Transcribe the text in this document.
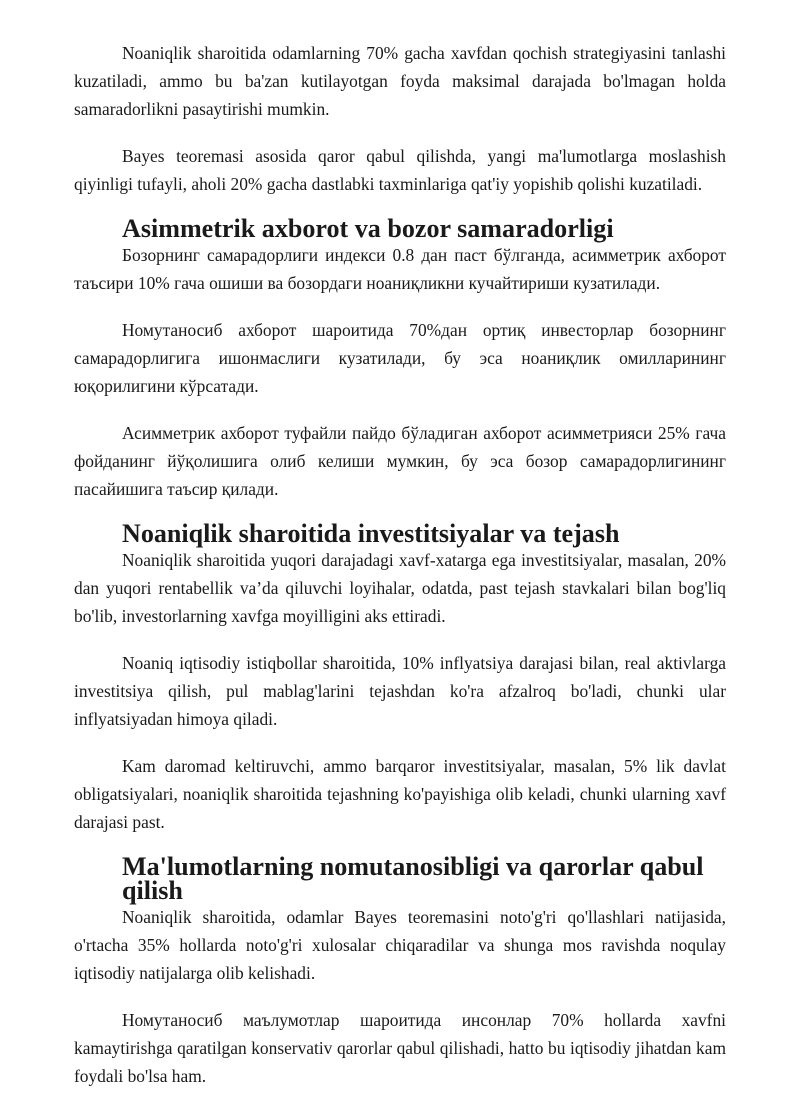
Noaniqlik sharoitida odamlarning 70% gacha xavfdan qochish strategiyasini tanlashi kuzatiladi, ammo bu ba'zan kutilayotgan foyda maksimal darajada bo'lmagan holda samaradorlikni pasaytirishi mumkin.

Bayes teoremasi asosida qaror qabul qilishda, yangi ma'lumotlarga moslashish qiyinligi tufayli, aholi 20% gacha dastlabki taxminlariga qat'iy yopishib qolishi kuzatiladi.

Asimmetrik axborot va bozor samaradorligi

Бозорнинг самарадорлиги индекси 0.8 дан паст бўлганда, асимметрик ахборот таъсири 10% гача ошиши ва бозордаги ноаниқликни кучайтириши кузатилади.

Номутаносиб ахборот шароитида 70%дан ортиқ инвесторлар бозорнинг самарадорлигига ишонмаслиги кузатилади, бу эса ноаниқлик омилларининг юқорилигини кўрсатади.

Асимметрик ахборот туфайли пайдо бўладиган ахборот асимметрияси 25% гача фойданинг йўқолишига олиб келиши мумкин, бу эса бозор самарадорлигининг пасайишига таъсир қилади.

Noaniqlik sharoitida investitsiyalar va tejash

Noaniqlik sharoitida yuqori darajadagi xavf-xatarga ega investitsiyalar, masalan, 20% dan yuqori rentabellik va’da qiluvchi loyihalar, odatda, past tejash stavkalari bilan bog'liq bo'lib, investorlarning xavfga moyilligini aks ettiradi.

Noaniq iqtisodiy istiqbollar sharoitida, 10% inflyatsiya darajasi bilan, real aktivlarga investitsiya qilish, pul mablag'larini tejashdan ko'ra afzalroq bo'ladi, chunki ular inflyatsiyadan himoya qiladi.

Kam daromad keltiruvchi, ammo barqaror investitsiyalar, masalan, 5% lik davlat obligatsiyalari, noaniqlik sharoitida tejashning ko'payishiga olib keladi, chunki ularning xavf darajasi past.

Ma'lumotlarning nomutanosibligi va qarorlar qabul qilish

Noaniqlik sharoitida, odamlar Bayes teoremasini noto'g'ri qo'llashlari natijasida, o'rtacha 35% hollarda noto'g'ri xulosalar chiqaradilar va shunga mos ravishda noqulay iqtisodiy natijalarga olib kelishadi.

Номутаносиб маълумотлар шароитида инсонлар 70% hollarda xavfni kamaytirishga qaratilgan konservativ qarorlar qabul qilishadi, hatto bu iqtisodiy jihatdan kam foydali bo'lsa ham.
